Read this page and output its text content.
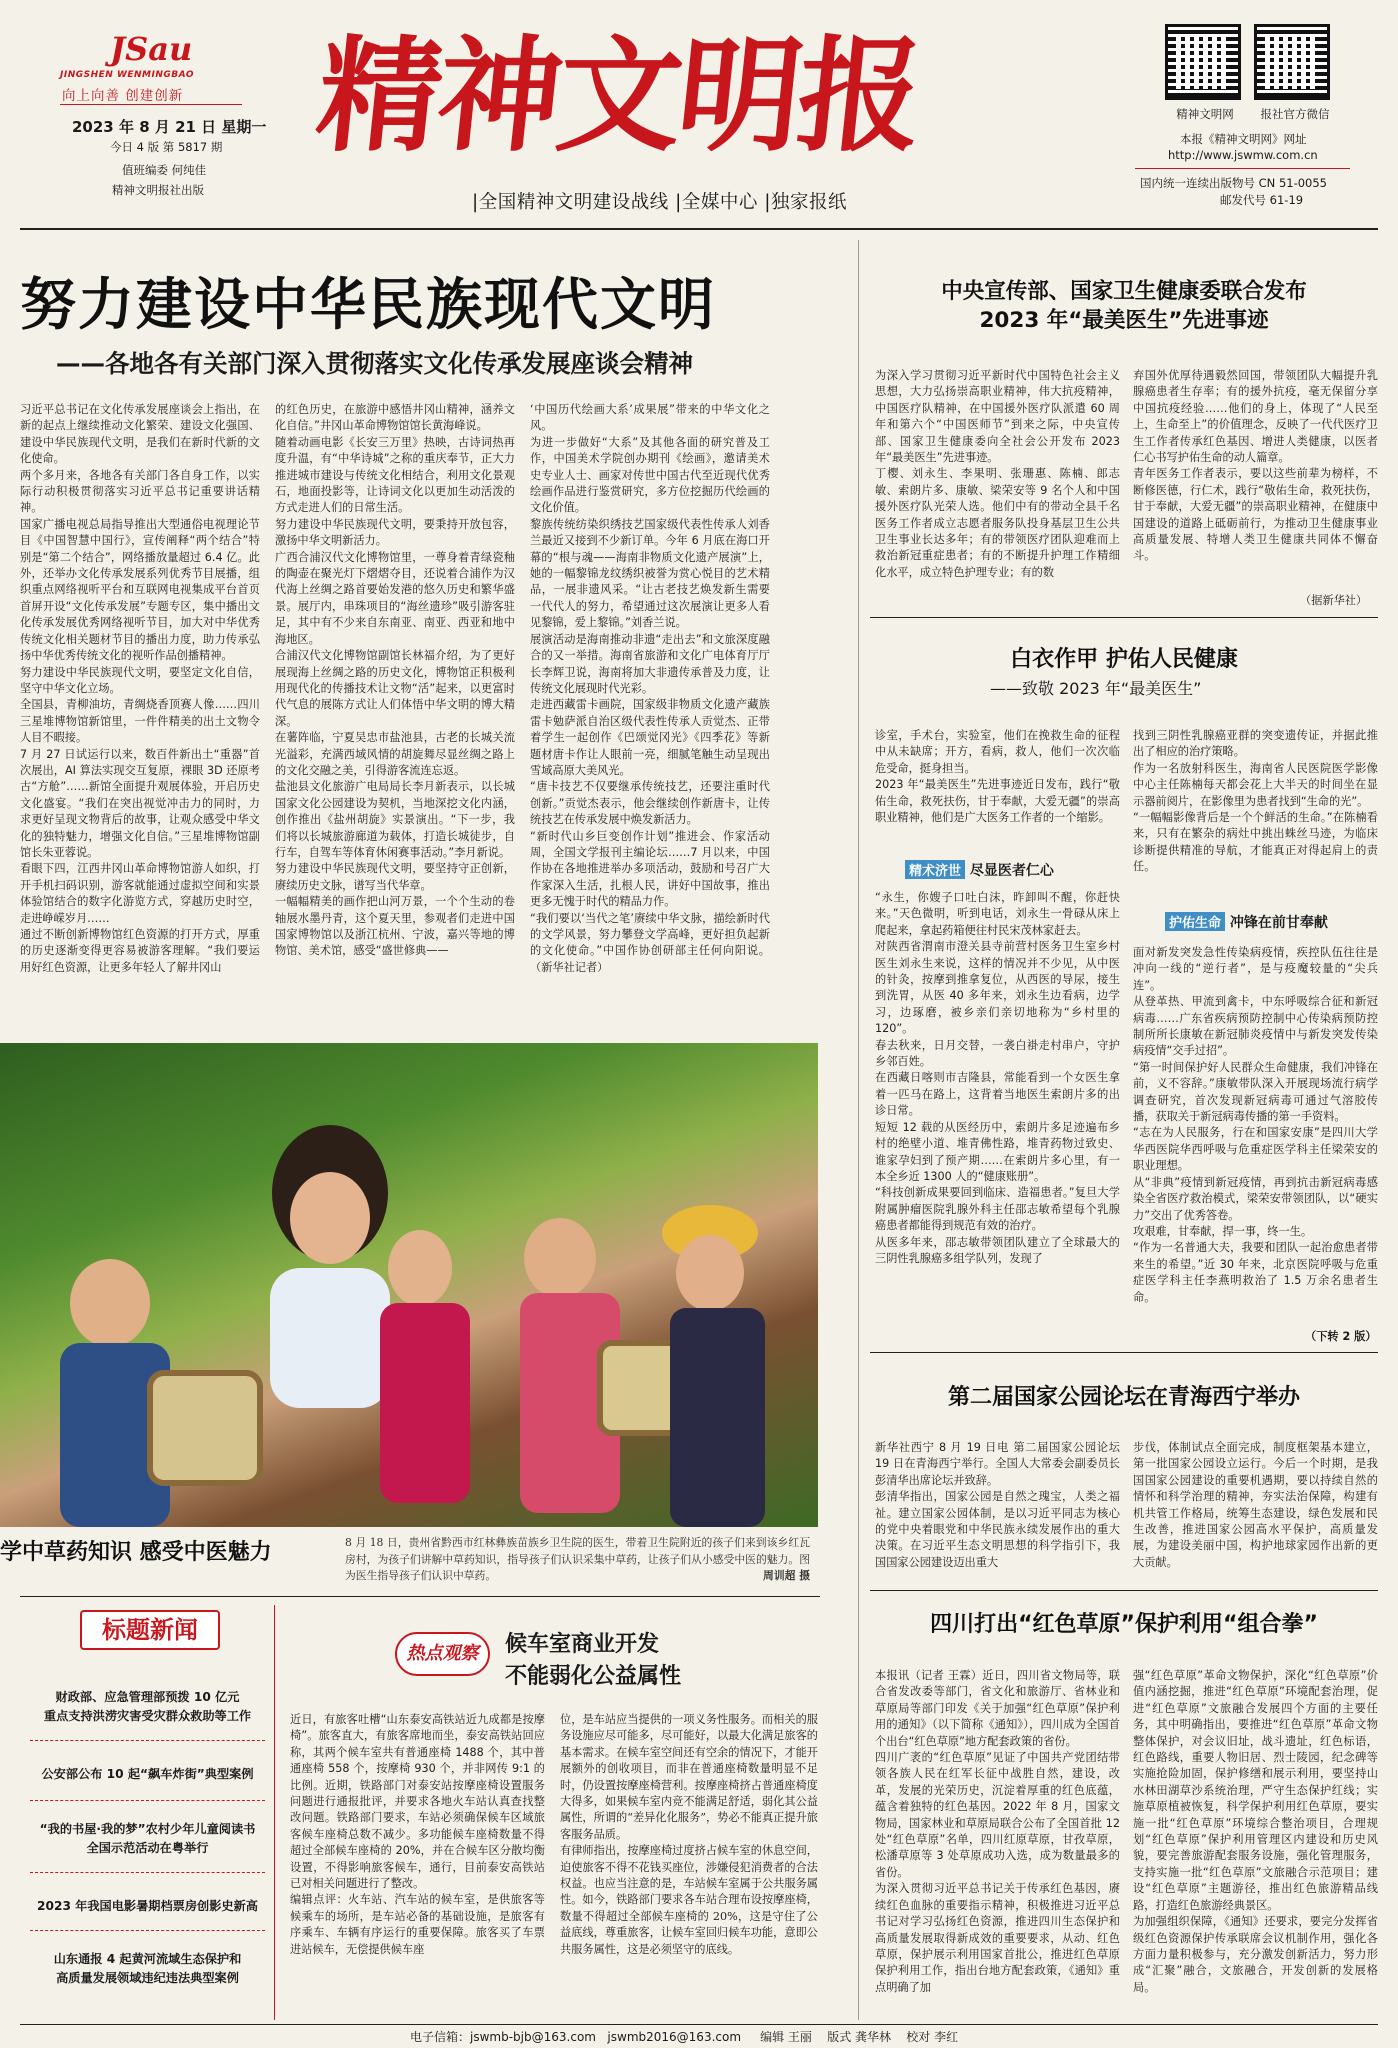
JSau
JINGSHEN WENMINGBAO
向上向善 创建创新
2023 年 8 月 21 日 星期一
今日 4 版 第 5817 期
值班编委 何纯佳
精神文明报社出版
精神文明报	精神文明网	报社官方微信
本报《精神文明网》网址
http://www.jswmw.com.cn
国内统一连续出版物号 CN 51-0055
邮发代号 61-19
|全国精神文明建设战线 |全媒中心 |独家报纸
努力建设中华民族现代文明
——各地各有关部门深入贯彻落实文化传承发展座谈会精神
习近平总书记在文化传承发展座谈会上指出，在新的起点上继续推动文化繁荣、建设文化强国、建设中华民族现代文明，是我们在新时代新的文化使命。
两个多月来，各地各有关部门各自身工作，以实际行动积极贯彻落实习近平总书记重要讲话精神。
国家广播电视总局指导推出大型通俗电视理论节目《中国智慧中国行》，宣传阐释“两个结合”特别是“第二个结合”，网络播放量超过 6.4 亿。此外，还举办文化传承发展系列优秀节目展播，组织重点网络视听平台和互联网电视集成平台首页首屏开设“文化传承发展”专题专区，集中播出文化传承发展优秀网络视听节目，加大对中华优秀传统文化相关题材节目的播出力度，助力传承弘扬中华优秀传统文化的视听作品创播精神。
努力建设中华民族现代文明，要坚定文化自信，坚守中华文化立场。
全国县，青柳油坊，青绸烧香顶赛人像……四川三星堆博物馆新馆里，一件件精美的出土文物令人目不暇接。
7 月 27 日试运行以来，数百件新出土“重器”首次展出，AI 算法实现交互复原，裸眼 3D 还原考古“方舱”……新馆全面提升观展体验，开启历史文化盛宴。“我们在突出视觉冲击力的同时，力求更好呈现文物背后的故事，让观众感受中华文化的独特魅力，增强文化自信。”三星堆博物馆副馆长朱亚蓉说。
看眼下四，江西井冈山革命博物馆游人如织，打开手机扫码识别，游客就能通过虚拟空间和实景体验馆结合的数字化游览方式，穿越历史时空，走进峥嵘岁月……
通过不断创新博物馆红色资源的打开方式，厚重的历史逐渐变得更容易被游客理解。“我们要运用好红色资源，让更多年轻人了解井冈山
的红色历史，在旅游中感悟井冈山精神，涵养文化自信。”井冈山革命博物馆馆长黄海峰说。
随着动画电影《长安三万里》热映，古诗词热再度升温，有“中华诗城”之称的重庆奉节，正大力推进城市建设与传统文化相结合，利用文化景观石，地面投影等，让诗词文化以更加生动活泼的方式走进人们的日常生活。
努力建设中华民族现代文明，要秉持开放包容，激扬中华文明新活力。
广西合浦汉代文化博物馆里，一尊身着青绿瓷釉的陶壶在聚光灯下熠熠夺目，还说着合浦作为汉代海上丝绸之路首要始发港的悠久历史和繁华盛景。展厅内，串珠项目的“海丝遗珍”吸引游客驻足，其中有不少来自东南亚、南亚、西亚和地中海地区。
合浦汉代文化博物馆副馆长林福介绍，为了更好展现海上丝绸之路的历史文化，博物馆正积极利用现代化的传播技术让文物“活”起来，以更富时代气息的展陈方式让人们体悟中华文明的博大精深。
在薯阵临，宁夏吴忠市盐池县，古老的长城关流光溢彩，充满西域风情的胡旋舞尽显丝绸之路上的文化交融之美，引得游客流连忘返。
盐池县文化旅游广电局局长李月新表示，以长城国家文化公园建设为契机，当地深挖文化内涵，创作推出《盐州胡旋》实景演出。“下一步，我们将以长城旅游廊道为载体，打造长城徒步，自行车，自驾车等体育休闲赛事活动。”李月新说。
努力建设中华民族现代文明，要坚持守正创新，赓续历史文脉，谱写当代华章。
一幅幅精美的画作把山河万景，一个个生动的卷轴展水墨丹青，这个夏天里，参观者们走进中国国家博物馆以及浙江杭州、宁波，嘉兴等地的博物馆、美术馆，感受“盛世修典——
‘中国历代绘画大系’成果展”带来的中华文化之风。
为进一步做好“大系”及其他各面的研究普及工作，中国美术学院创办期刊《绘画》，邀请美术史专业人士、画家对传世中国古代至近现代优秀绘画作品进行鉴赏研究，多方位挖掘历代绘画的文化价值。
黎族传统纺染织绣技艺国家级代表性传承人刘香兰最近又接到不少新订单。今年 6 月底在海口开幕的“根与魂——海南非物质文化遗产展演”上，她的一幅黎锦龙纹绣织被誉为赏心悦目的艺术精品，一展非遗风采。“让古老技艺焕发新生需要一代代人的努力，希望通过这次展演让更多人看见黎锦，爱上黎锦。”刘香兰说。
展演活动是海南推动非遗“走出去”和文旅深度融合的又一举措。海南省旅游和文化广电体育厅厅长李辉卫说，海南将加大非遗传承普及力度，让传统文化展现时代光彩。
走进西藏雷卡画院，国家级非物质文化遗产藏族雷卡勉萨派自治区级代表性传承人贡觉杰、正带着学生一起创作《巴颂觉冈光》《四季花》等新题材唐卡作让人眼前一亮，细腻笔触生动呈现出雪域高原大美风光。
“唐卡技艺不仅要继承传统技艺，还要注重时代创新。”贡觉杰表示，他会继续创作新唐卡，让传统技艺在传承发展中焕发新活力。
“新时代山乡巨变创作计划”推进会、作家活动周，全国文学报刊主编论坛……7 月以来，中国作协在各地推进举办多项活动，鼓励和号召广大作家深入生活，扎根人民，讲好中国故事，推出更多无愧于时代的精品力作。
“我们要以‘当代之笔’赓续中华文脉，描绘新时代的文学风景，努力攀登文学高峰，更好担负起新的文化使命。”中国作协创研部主任何向阳说。（新华社记者）
学中草药知识 感受中医魅力	8 月 18 日，贵州省黔西市红林彝族苗族乡卫生院的医生，带着卫生院附近的孩子们来到该乡红瓦房村，为孩子们讲解中草药知识，指导孩子们认识采集中草药，让孩子们从小感受中医的魅力。图为医生指导孩子们认识中草药。	周训超 摄
中央宣传部、国家卫生健康委联合发布
2023 年“最美医生”先进事迹
为深入学习贯彻习近平新时代中国特色社会主义思想，大力弘扬崇高职业精神，伟大抗疫精神，中国医疗队精神，在中国援外医疗队派遣 60 周年和第六个“中国医师节”到来之际，中央宣传部、国家卫生健康委向全社会公开发布 2023 年“最美医生”先进事迹。
丁樱、刘永生、李果明、张珊惠、陈楠、郎志敏、索朗片多、康敏、梁荣安等 9 名个人和中国援外医疗队光荣人选。他们中有的带动全县千名医务工作者成立志愿者服务队投身基层卫生公共卫生事业长达多年；有的带领医疗团队迎难而上救治新冠重症患者；有的不断提升护理工作精细化水平，成立特色护理专业；有的数
弃国外优厚待遇毅然回国，带领团队大幅提升乳腺癌患者生存率；有的援外抗疫，毫无保留分享中国抗疫经验……他们的身上，体现了“人民至上，生命至上”的价值理念，反映了一代代医疗卫生工作者传承红色基因、增进人类健康，以医者仁心书写护佑生命的动人篇章。
青年医务工作者表示，要以这些前辈为榜样，不断修医德，行仁术，践行“敬佑生命，救死扶伤，甘于奉献，大爱无疆”的崇高职业精神，在健康中国建设的道路上砥砺前行，为推动卫生健康事业高质量发展、特增人类卫生健康共同体不懈奋斗。
（据新华社）
白衣作甲 护佑人民健康
——致敬 2023 年“最美医生”
诊室，手术台，实验室，他们在挽救生命的征程中从未缺席；开方，看病，救人，他们一次次临危受命，挺身担当。
2023 年“最美医生”先进事迹近日发布，践行“敬佑生命，救死扶伤，甘于奉献，大爱无疆”的崇高职业精神，他们是广大医务工作者的一个缩影。
精术济世 尽显医者仁心
“永生，你嫂子口吐白沫，昨卸叫不醒，你赶快来。”天色微明，听到电话，刘永生一骨碌从床上爬起来，拿起药箱便往村民宋茂林家赶去。
对陕西省渭南市澄关县寺前营村医务卫生室乡村医生刘永生来说，这样的情况并不少见，从中医的针灸，按摩到推拿复位，从西医的导尿，接生到洗胃，从医 40 多年来，刘永生边看病，边学习，边琢磨，被乡亲们亲切地称为“乡村里的 120”。
春去秋来，日月交替，一袭白褂走村串户，守护乡邻百姓。
在西藏日喀则市吉隆县，常能看到一个女医生拿着一匹马在路上，这背着当地医生索朗片多的出诊日常。
短短 12 载的从医经历中，索朗片多足迹遍布乡村的绝壁小道、堆青佛性路，堆青药物过致史、谁家孕妇到了预产期……在索朗片多心里，有一本全乡近 1300 人的“健康账册”。
“科技创新成果要回到临床、造福患者。”复旦大学附属肿瘤医院乳腺外科主任邵志敏希望每个乳腺癌患者都能得到规范有效的治疗。
从医多年来，邵志敏带领团队建立了全球最大的三阴性乳腺癌多组学队列，发现了
找到三阴性乳腺癌亚群的突变遗传证，并据此推出了相应的治疗策略。
作为一名放射科医生，海南省人民医院医学影像中心主任陈楠每天都会花上大半天的时间坐在显示器前阅片，在影像里为患者找到“生命的光”。
“一幅幅影像背后是一个个鲜活的生命。”在陈楠看来，只有在繁杂的病灶中挑出蛛丝马迹，为临床诊断提供精准的导航，才能真正对得起肩上的责任。
护佑生命 冲锋在前甘奉献
面对新发突发急性传染病疫情，疾控队伍往往是冲向一线的“逆行者”，是与疫魔较量的“尖兵连”。
从登革热、甲流到禽卡，中东呼吸综合征和新冠病毒……广东省疾病预防控制中心传染病预防控制所所长康敏在新冠肺炎疫情中与新发突发传染病疫情“交手过招”。
“第一时间保护好人民群众生命健康，我们冲锋在前，义不容辞。”康敏带队深入开展现场流行病学调查研究，首次发现新冠病毒可通过气溶胶传播，获取关于新冠病毒传播的第一手资料。
“志在为人民服务，行在和国家安康”是四川大学华西医院华西呼吸与危重症医学科主任梁荣安的职业理想。
从“非典”疫情到新冠疫情，再到抗击新冠病毒感染全省医疗救治模式，梁荣安带领团队，以“硬实力”交出了优秀答卷。
攻艰难，甘奉献，捍一事，终一生。
“作为一名普通大夫，我要和团队一起治愈患者带来生的希望。”近 30 年来，北京医院呼吸与危重症医学科主任李燕明救治了 1.5 万余名患者生命。
（下转 2 版）
第二届国家公园论坛在青海西宁举办
新华社西宁 8 月 19 日电 第二届国家公园论坛 19 日在青海西宁举行。全国人大常委会副委员长彭清华出席论坛并致辞。
彭清华指出，国家公园是自然之瑰宝，人类之福祉。建立国家公园体制，是以习近平同志为核心的党中央着眼党和中华民族永续发展作出的重大决策。在习近平生态文明思想的科学指引下，我国国家公园建设迈出重大
步伐，体制试点全面完成，制度框架基本建立，第一批国家公园设立运行。今后一个时期，是我国国家公园建设的重要机遇期，要以持续自然的情怀和科学治理的精神，夯实法治保障，构建有机共管工作格局，统筹生态建设，绿色发展和民生改善，推进国家公园高水平保护，高质量发展，为建设美丽中国，构护地球家园作出新的更大贡献。
四川打出“红色草原”保护利用“组合拳”
本报讯（记者 王霖）近日，四川省文物局等，联合省发改委等部门，省文化和旅游厅、省林业和草原局等部门印发《关于加强“红色草原”保护利用的通知》（以下简称《通知》），四川成为全国首个出台“红色草原”地方配套政策的省份。
四川广袤的“红色草原”见证了中国共产党团结带领各族人民在红军长征中战胜自然，建设，改革，发展的光荣历史，沉淀着厚重的红色底蕴，蕴含着独特的红色基因。2022 年 8 月，国家文物局，国家林业和草原局联合公布了全国首批 12 处“红色草原”名单，四川红原草原，甘孜草原，松潘草原等 3 处草原成功入选，成为数量最多的省份。
为深入贯彻习近平总书记关于传承红色基因，赓续红色血脉的重要指示精神，积极推进习近平总书记对学习弘扬红色资源，推进四川生态保护和高质量发展取得新成效的重要要求，从动、红色草原，保护展示利用国家首批公，推进红色草原保护利用工作，指出台地方配套政策，《通知》重点明确了加
强“红色草原”革命文物保护，深化“红色草原”价值内涵挖掘，推进“红色草原”环境配套治理，促进“红色草原”文旅融合发展四个方面的主要任务，其中明确指出，要推进“红色草原”革命文物整体保护，对会议旧址，战斗遗址，红色标语，红色路线，重要人物旧居、烈士陵园，纪念碑等实施抢险加固，保护修缮和展示利用，要坚持山水林田湖草沙系统治理，严守生态保护红线；实施草原植被恢复，科学保护利用红色草原，要实施一批“红色草原”环境综合整治项目，合理规划“红色草原”保护利用管理区内建设和历史风貌，要完善旅游配套服务设施，强化管理服务，支持实施一批“红色草原”文旅融合示范项目；建设“红色草原”主题游径，推出红色旅游精品线路，打造红色旅游经典景区。
为加强组织保障，《通知》还要求，要完分发挥省级红色资源保护传承联席会议机制作用，强化各方面力量积极参与，充分激发创新活力，努力形成“汇聚”融合，文旅融合，开发创新的发展格局。
标题新闻
财政部、应急管理部预拨 10 亿元
重点支持洪涝灾害受灾群众救助等工作
公安部公布 10 起“飙车炸街”典型案例
“我的书屋·我的梦”农村少年儿童阅读书
全国示范活动在粤举行
2023 年我国电影暑期档票房创影史新高
山东通报 4 起黄河流域生态保护和
高质量发展领域违纪违法典型案例
热点观察	候车室商业开发
不能弱化公益属性
近日，有旅客吐槽“山东泰安高铁站近九成都是按摩椅”。旅客直大，有旅客席地而坐，泰安高铁站回应称，其两个候车室共有普通座椅 1488 个，其中普通座椅 558 个，按摩椅 930 个，并非网传 9:1 的比例。近期，铁路部门对泰安站按摩座椅设置服务问题进行通报批评，并要求各地火车站认真查找整改问题。铁路部门要求，车站必须确保候车区域旅客候车座椅总数不减少。多功能候车座椅数量不得超过全部候车座椅的 20%，并在合候车区分散均衡设置，不得影响旅客候车，通行，目前泰安高铁站已对相关问题进行了整改。
编辑点评：火车站、汽车站的候车室，是供旅客等候乘车的场所，是车站必备的基础设施，是旅客有序乘车、车辆有序运行的重要保障。旅客买了车票进站候车，无偿提供候车座
位，是车站应当提供的一项义务性服务。而相关的服务设施应尽可能多，尽可能好，以最大化满足旅客的基本需求。在候车室空间还有空余的情况下，才能开展额外的创收项目，而非在普通座椅数量明显不足时，仍设置按摩座椅营利。按摩座椅挤占普通座椅度大得多，如果候车室内竞不能满足舒适，弱化其公益属性，所谓的“差异化化服务”，势必不能真正提升旅客服务品质。
有律师指出，按摩座椅过度挤占候车室的休息空间，迫使旅客不得不花钱买座位，涉嫌侵犯消费者的合法权益。也应当注意的是，车站候车室属于公共服务属性。如今，铁路部门要求各车站合理布设按摩座椅，数量不得超过全部候车座椅的 20%，这是守住了公益底线，尊重旅客，让候车室回归候车功能，意即公共服务属性，这是必须坚守的底线。
电子信箱：jswmb-bjb@163.com jswmb2016@163.com 编辑 王丽 版式 龚华林 校对 李红
